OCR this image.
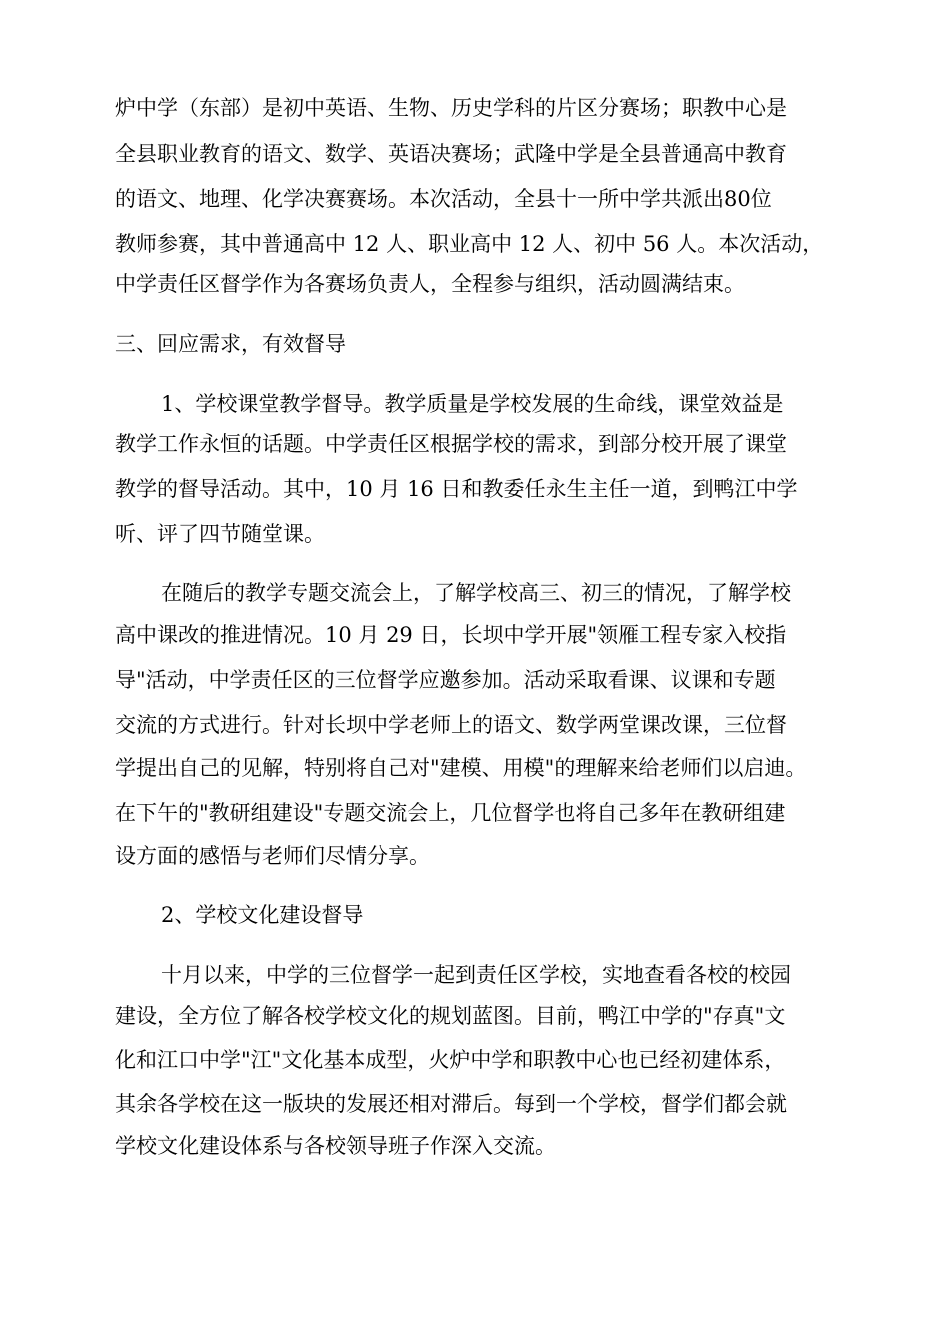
炉中学（东部）是初中英语、生物、历史学科的片区分赛场；职教中心是
全县职业教育的语文、数学、英语决赛场；武隆中学是全县普通高中教育
的语文、地理、化学决赛赛场。本次活动，全县十一所中学共派出80位
教师参赛，其中普通高中 12 人、职业高中 12 人、初中 56 人。本次活动，
中学责任区督学作为各赛场负责人，全程参与组织，活动圆满结束。
三、回应需求，有效督导
1、学校课堂教学督导。教学质量是学校发展的生命线，课堂效益是
教学工作永恒的话题。中学责任区根据学校的需求，到部分校开展了课堂
教学的督导活动。其中，10 月 16 日和教委任永生主任一道，到鸭江中学
听、评了四节随堂课。
在随后的教学专题交流会上，了解学校高三、初三的情况，了解学校
高中课改的推进情况。10 月 29 日，长坝中学开展"领雁工程专家入校指
导"活动，中学责任区的三位督学应邀参加。活动采取看课、议课和专题
交流的方式进行。针对长坝中学老师上的语文、数学两堂课改课，三位督
学提出自己的见解，特别将自己对"建模、用模"的理解来给老师们以启迪。
在下午的"教研组建设"专题交流会上，几位督学也将自己多年在教研组建
设方面的感悟与老师们尽情分享。
2、学校文化建设督导
十月以来，中学的三位督学一起到责任区学校，实地查看各校的校园
建设，全方位了解各校学校文化的规划蓝图。目前，鸭江中学的"存真"文
化和江口中学"江"文化基本成型，火炉中学和职教中心也已经初建体系，
其余各学校在这一版块的发展还相对滞后。每到一个学校，督学们都会就
学校文化建设体系与各校领导班子作深入交流。
